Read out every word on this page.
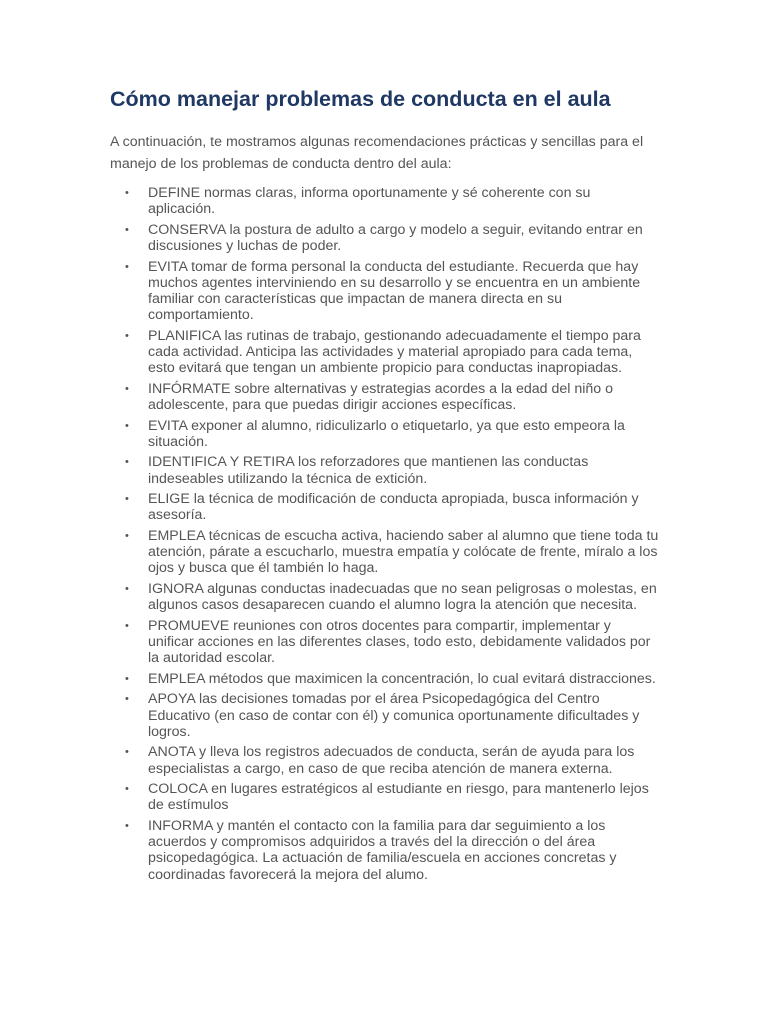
Cómo manejar problemas de conducta en el aula

A continuación, te mostramos algunas recomendaciones prácticas y sencillas para el manejo de los problemas de conducta dentro del aula:

• DEFINE normas claras, informa oportunamente y sé coherente con su aplicación.
• CONSERVA la postura de adulto a cargo y modelo a seguir, evitando entrar en discusiones y luchas de poder.
• EVITA tomar de forma personal la conducta del estudiante. Recuerda que hay muchos agentes interviniendo en su desarrollo y se encuentra en un ambiente familiar con características que impactan de manera directa en su comportamiento.
• PLANIFICA las rutinas de trabajo, gestionando adecuadamente el tiempo para cada actividad. Anticipa las actividades y material apropiado para cada tema, esto evitará que tengan un ambiente propicio para conductas inapropiadas.
• INFÓRMATE sobre alternativas y estrategias acordes a la edad del niño o adolescente, para que puedas dirigir acciones específicas.
• EVITA exponer al alumno, ridiculizarlo o etiquetarlo, ya que esto empeora la situación.
• IDENTIFICA Y RETIRA los reforzadores que mantienen las conductas indeseables utilizando la técnica de extición.
• ELIGE la técnica de modificación de conducta apropiada, busca información y asesoría.
• EMPLEA técnicas de escucha activa, haciendo saber al alumno que tiene toda tu atención, párate a escucharlo, muestra empatía y colócate de frente, míralo a los ojos y busca que él también lo haga.
• IGNORA algunas conductas inadecuadas que no sean peligrosas o molestas, en algunos casos desaparecen cuando el alumno logra la atención que necesita.
• PROMUEVE reuniones con otros docentes para compartir, implementar y unificar acciones en las diferentes clases, todo esto, debidamente validados por la autoridad escolar.
• EMPLEA métodos que maximicen la concentración, lo cual evitará distracciones.
• APOYA las decisiones tomadas por el área Psicopedagógica del Centro Educativo (en caso de contar con él) y comunica oportunamente dificultades y logros.
• ANOTA y lleva los registros adecuados de conducta, serán de ayuda para los especialistas a cargo, en caso de que reciba atención de manera externa.
• COLOCA en lugares estratégicos al estudiante en riesgo, para mantenerlo lejos de estímulos
• INFORMA y mantén el contacto con la familia para dar seguimiento a los acuerdos y compromisos adquiridos a través del la dirección o del área psicopedagógica. La actuación de familia/escuela en acciones concretas y coordinadas favorecerá la mejora del alumo.
